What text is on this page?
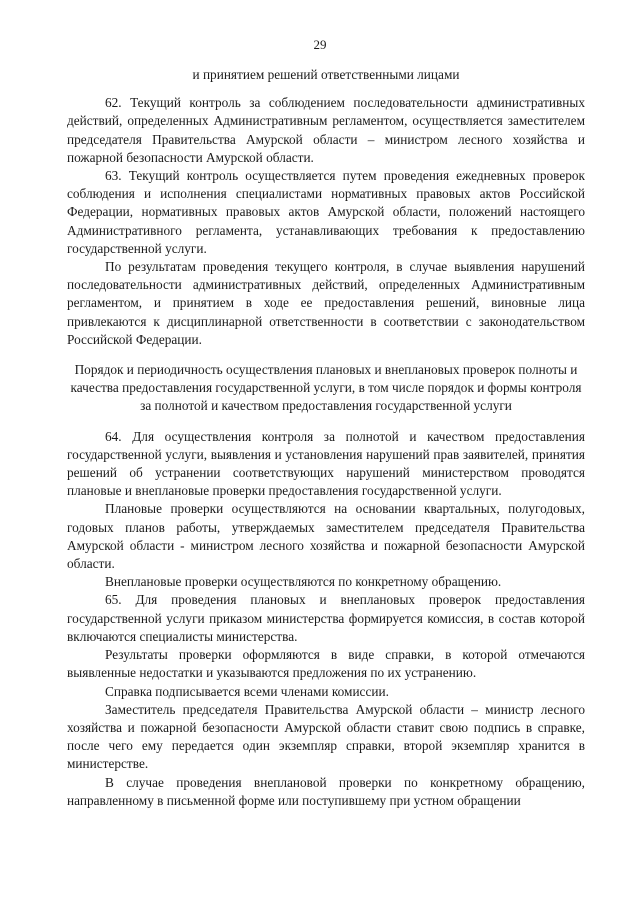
29

и принятием решений ответственными лицами

62. Текущий контроль за соблюдением последовательности административных действий, определенных Административным регламентом, осуществляется заместителем председателя Правительства Амурской области – министром лесного хозяйства и пожарной безопасности Амурской области.

63. Текущий контроль осуществляется путем проведения ежедневных проверок соблюдения и исполнения специалистами нормативных правовых актов Российской Федерации, нормативных правовых актов Амурской области, положений настоящего Административного регламента, устанавливающих требования к предоставлению государственной услуги.

По результатам проведения текущего контроля, в случае выявления нарушений последовательности административных действий, определенных Административным регламентом, и принятием в ходе ее предоставления решений, виновные лица привлекаются к дисциплинарной ответственности в соответствии с законодательством Российской Федерации.

Порядок и периодичность осуществления плановых и внеплановых проверок полноты и качества предоставления государственной услуги, в том числе порядок и формы контроля за полнотой и качеством предоставления государственной услуги

64. Для осуществления контроля за полнотой и качеством предоставления государственной услуги, выявления и установления нарушений прав заявителей, принятия решений об устранении соответствующих нарушений министерством проводятся плановые и внеплановые проверки предоставления государственной услуги.

Плановые проверки осуществляются на основании квартальных, полугодовых, годовых планов работы, утверждаемых заместителем председателя Правительства Амурской области - министром лесного хозяйства и пожарной безопасности Амурской области.

Внеплановые проверки осуществляются по конкретному обращению.

65. Для проведения плановых и внеплановых проверок предоставления государственной услуги приказом министерства формируется комиссия, в состав которой включаются специалисты министерства.

Результаты проверки оформляются в виде справки, в которой отмечаются выявленные недостатки и указываются предложения по их устранению.

Справка подписывается всеми членами комиссии.

Заместитель председателя Правительства Амурской области – министр лесного хозяйства и пожарной безопасности Амурской области ставит свою подпись в справке, после чего ему передается один экземпляр справки, второй экземпляр хранится в министерстве.

В случае проведения внеплановой проверки по конкретному обращению, направленному в письменной форме или поступившему при устном обращении
